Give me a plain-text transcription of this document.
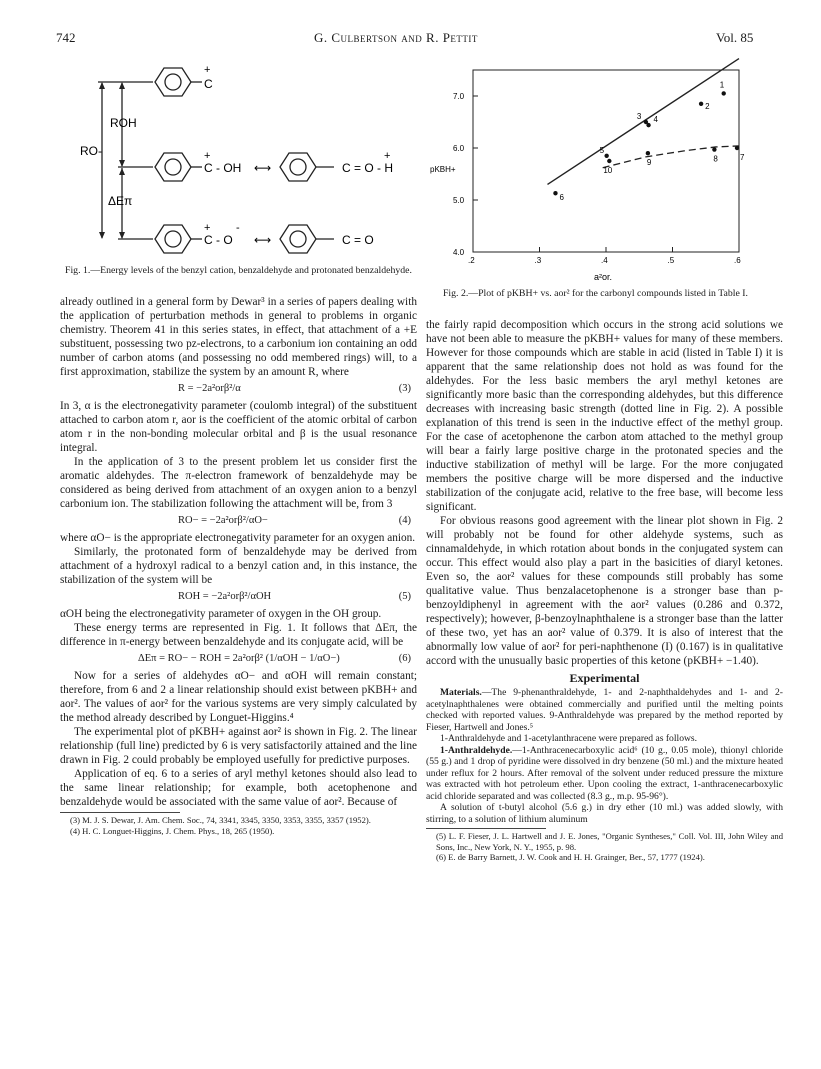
742	G. Culbertson and R. Pettit	Vol. 85
ROH
RO-
ΔEπ
+
C
+
C - OH ⟷
+
C = O - H
+ -
C - O ⟷	C = O
Fig. 1.—Energy levels of the benzyl cation, benzaldehyde and protonated benzaldehyde.
.2	.3	.4	.5	.6
4.0
5.0
6.0
7.0
1
2
3 4
5
6
7
8
9
10
pKBH+
a²or.
Fig. 2.—Plot of pKBH+ vs. aor² for the carbonyl compounds listed in Table I.

already outlined in a general form by Dewar³ in a series of papers dealing with the application of perturbation methods in general to problems in organic chemistry. Theorem 41 in this series states, in effect, that attachment of a +E substituent, possessing two pz-electrons, to a carbonium ion containing an odd number of carbon atoms (and possessing no odd membered rings) will, to a first approximation, stabilize the system by an amount R, where

R = −2a²orβ²/α	(3)

In 3, α is the electronegativity parameter (coulomb integral) of the substituent attached to carbon atom r, aor is the coefficient of the atomic orbital of carbon atom r in the non-bonding molecular orbital and β is the usual resonance integral.

In the application of 3 to the present problem let us consider first the aromatic aldehydes. The π-electron framework of benzaldehyde may be considered as being derived from attachment of an oxygen anion to a benzyl carbonium ion. The stabilization following the attachment will be, from 3

RO− = −2a²orβ²/αO−	(4)

where αO− is the appropriate electronegativity parameter for an oxygen anion.

Similarly, the protonated form of benzaldehyde may be derived from attachment of a hydroxyl radical to a benzyl cation and, in this instance, the stabilization of the system will be

ROH = −2a²orβ²/αOH	(5)

αOH being the electronegativity parameter of oxygen in the OH group.

These energy terms are represented in Fig. 1. It follows that ΔEπ, the difference in π-energy between benzaldehyde and its conjugate acid, will be

ΔEπ = RO− − ROH = 2a²orβ² (1/αOH − 1/αO−)	(6)

Now for a series of aldehydes αO− and αOH will remain constant; therefore, from 6 and 2 a linear relationship should exist between pKBH+ and aor². The values of aor² for the various systems are very simply calculated by the method already described by Longuet-Higgins.⁴

The experimental plot of pKBH+ against aor² is shown in Fig. 2. The linear relationship (full line) predicted by 6 is very satisfactorily attained and the line drawn in Fig. 2 could probably be employed usefully for predictive purposes.

Application of eq. 6 to a series of aryl methyl ketones should also lead to the same linear relationship; for example, both acetophenone and benzaldehyde would be associated with the same value of aor². Because of

(3) M. J. S. Dewar, J. Am. Chem. Soc., 74, 3341, 3345, 3350, 3353, 3355, 3357 (1952).

(4) H. C. Longuet-Higgins, J. Chem. Phys., 18, 265 (1950).

the fairly rapid decomposition which occurs in the strong acid solutions we have not been able to measure the pKBH+ values for many of these members. However for those compounds which are stable in acid (listed in Table I) it is apparent that the same relationship does not hold as was found for the aldehydes. For the less basic members the aryl methyl ketones are significantly more basic than the corresponding aldehydes, but this difference decreases with increasing basic strength (dotted line in Fig. 2). A possible explanation of this trend is seen in the inductive effect of the methyl group. For the case of acetophenone the carbon atom attached to the methyl group will bear a fairly large positive charge in the protonated species and the inductive stabilization of methyl will be large. For the more conjugated members the positive charge will be more dispersed and the inductive stabilization of the conjugate acid, relative to the free base, will become less significant.

For obvious reasons good agreement with the linear plot shown in Fig. 2 will probably not be found for other aldehyde systems, such as cinnamaldehyde, in which rotation about bonds in the conjugated system can occur. This effect would also play a part in the basicities of diaryl ketones. Even so, the aor² values for these compounds still probably has some qualitative value. Thus benzalacetophenone is a stronger base than p-benzoyldiphenyl in agreement with the aor² values (0.286 and 0.372, respectively); however, β-benzoylnaphthalene is a stronger base than the latter of these two, yet has an aor² value of 0.379. It is also of interest that the abnormally low value of aor² for peri-naphthenone (I) (0.167) is in qualitative accord with the unusually basic properties of this ketone (pKBH+ −1.40).

Experimental

Materials.—The 9-phenanthraldehyde, 1- and 2-naphthaldehydes and 1- and 2-acetylnaphthalenes were obtained commercially and purified until the melting points checked with reported values. 9-Anthraldehyde was prepared by the method reported by Fieser, Hartwell and Jones.⁵

1-Anthraldehyde and 1-acetylanthracene were prepared as follows.

1-Anthraldehyde.—1-Anthracenecarboxylic acid⁶ (10 g., 0.05 mole), thionyl chloride (55 g.) and 1 drop of pyridine were dissolved in dry benzene (50 ml.) and the mixture heated under reflux for 2 hours. After removal of the solvent under reduced pressure the mixture was extracted with hot petroleum ether. Upon cooling the extract, 1-anthracenecarboxylic acid chloride separated and was collected (8.3 g., m.p. 95-96°).

A solution of t-butyl alcohol (5.6 g.) in dry ether (10 ml.) was added slowly, with stirring, to a solution of lithium aluminum

(5) L. F. Fieser, J. L. Hartwell and J. E. Jones, "Organic Syntheses," Coll. Vol. III, John Wiley and Sons, Inc., New York, N. Y., 1955, p. 98.

(6) E. de Barry Barnett, J. W. Cook and H. H. Grainger, Ber., 57, 1777 (1924).
